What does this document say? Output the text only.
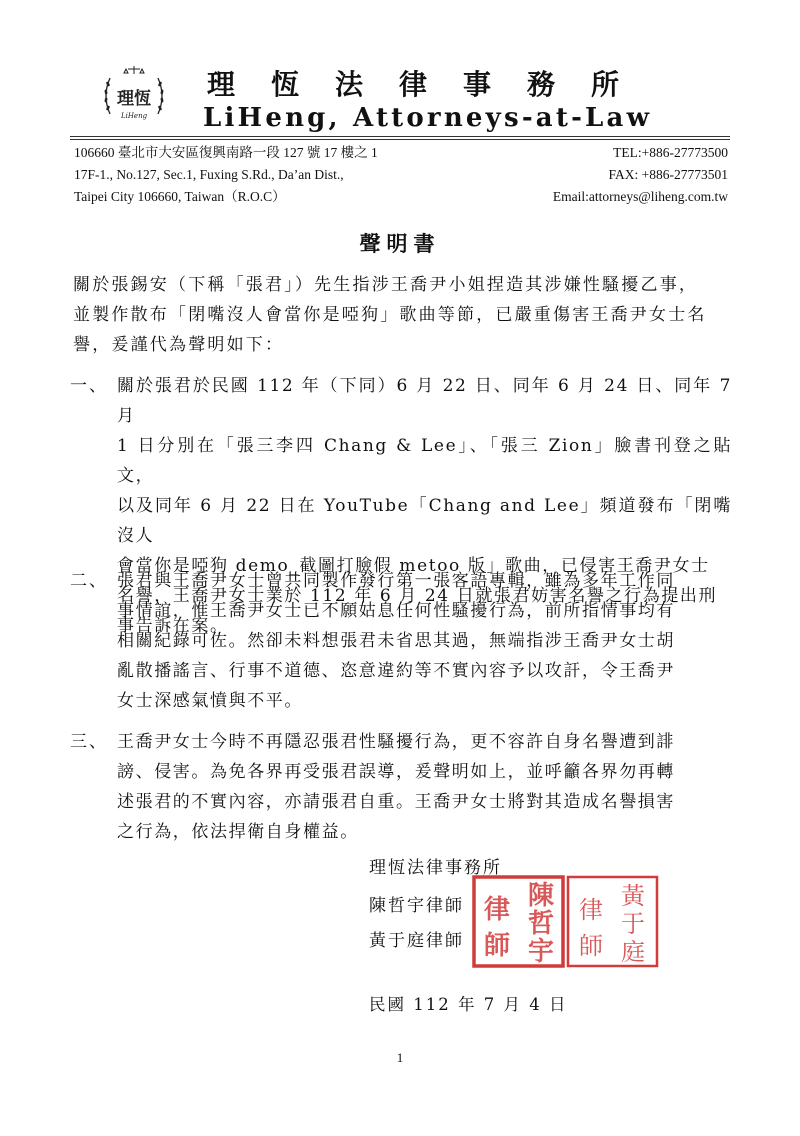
理恆
LiHeng
理恆法律事務所
LiHeng, Attorneys-at-Law
106660 臺北市大安區復興南路一段 127 號 17 樓之 1
17F-1., No.127, Sec.1, Fuxing S.Rd., Da’an Dist.,
Taipei City 106660, Taiwan（R.O.C）
TEL:+886-27773500
FAX: +886-27773501
Email:attorneys@liheng.com.tw
聲明書
關於張錫安（下稱「張君」）先生指涉王喬尹小姐捏造其涉嫌性騷擾乙事，
並製作散布「閉嘴沒人會當你是啞狗」歌曲等節，已嚴重傷害王喬尹女士名
譽，爰謹代為聲明如下：
一、 關於張君於民國 112 年（下同）6 月 22 日、同年 6 月 24 日、同年 7 月
1 日分別在「張三李四 Chang & Lee」、「張三 Zion」臉書刊登之貼文，
以及同年 6 月 22 日在 YouTube「Chang and Lee」頻道發布「閉嘴沒人
會當你是啞狗 demo_截圖打臉假 metoo 版」歌曲，已侵害王喬尹女士
名譽，王喬尹女士業於 112 年 6 月 24 日就張君妨害名譽之行為提出刑
事告訴在案。
二、 張君與王喬尹女士曾共同製作發行第一張客語專輯，雖為多年工作同
事情誼，惟王喬尹女士已不願姑息任何性騷擾行為，前所指情事均有
相關紀錄可佐。然卻未料想張君未省思其過，無端指涉王喬尹女士胡
亂散播謠言、行事不道德、恣意違約等不實內容予以攻訐，令王喬尹
女士深感氣憤與不平。
三、 王喬尹女士今時不再隱忍張君性騷擾行為，更不容許自身名譽遭到誹
謗、侵害。為免各界再受張君誤導，爰聲明如上，並呼籲各界勿再轉
述張君的不實內容，亦請張君自重。王喬尹女士將對其造成名譽損害
之行為，依法捍衛自身權益。
理恆法律事務所
陳哲宇律師
黃于庭律師
陳
哲
宇
律
師
黃
于
庭
律
師
民國 112 年 7 月 4 日
1
